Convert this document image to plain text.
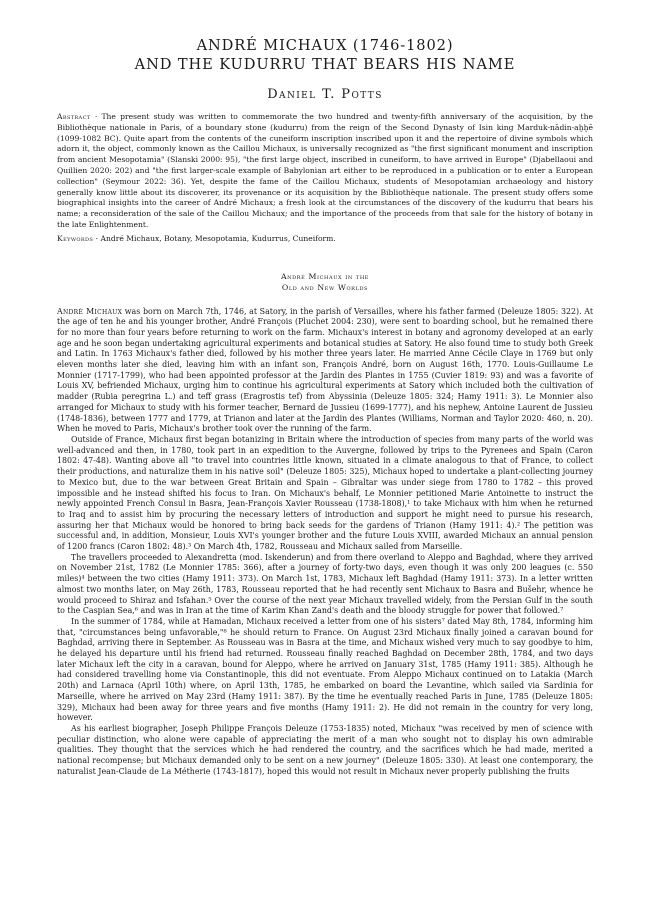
ANDRÉ MICHAUX (1746-1802)
AND THE KUDURRU THAT BEARS HIS NAME
Daniel T. Potts

Abstract · The present study was written to commemorate the two hundred and twenty-fifth anniversary of the acquisition, by the Bibliothèque nationale in Paris, of a boundary stone (kudurru) from the reign of the Second Dynasty of Isin king Marduk-nādin-aḫḫē (1099-1082 BC). Quite apart from the contents of the cuneiform inscription inscribed upon it and the repertoire of divine symbols which adorn it, the object, commonly known as the Caillou Michaux, is universally recognized as "the first significant monument and inscription from ancient Mesopotamia" (Slanski 2000: 95), "the first large object, inscribed in cuneiform, to have arrived in Europe" (Djabellaoui and Quillien 2020: 202) and "the first larger-scale example of Babylonian art either to be reproduced in a publication or to enter a European collection" (Seymour 2022: 36). Yet, despite the fame of the Caillou Michaux, students of Mesopotamian archaeology and history generally know little about its discoverer, its provenance or its acquisition by the Bibliothèque nationale. The present study offers some biographical insights into the career of André Michaux; a fresh look at the circumstances of the discovery of the kudurru that bears his name; a reconsideration of the sale of the Caillou Michaux; and the importance of the proceeds from that sale for the history of botany in the late Enlightenment.

Keywords · André Michaux, Botany, Mesopotamia, Kudurrus, Cuneiform.

André Michaux in the
Old and New Worlds

André Michaux was born on March 7th, 1746, at Satory, in the parish of Versailles, where his father farmed (Deleuze 1805: 322). At the age of ten he and his younger brother, André François (Pluchet 2004: 230), were sent to boarding school, but he remained there for no more than four years before returning to work on the farm. Michaux's interest in botany and agronomy developed at an early age and he soon began undertaking agricultural experiments and botanical studies at Satory. He also found time to study both Greek and Latin. In 1763 Michaux's father died, followed by his mother three years later. He married Anne Cécile Claye in 1769 but only eleven months later she died, leaving him with an infant son, François André, born on August 16th, 1770. Louis-Guillaume Le Monnier (1717-1799), who had been appointed professor at the Jardin des Plantes in 1755 (Cuvier 1819: 93) and was a favorite of Louis XV, befriended Michaux, urging him to continue his agricultural experiments at Satory which included both the cultivation of madder (Rubia peregrina L.) and teff grass (Eragrostis tef) from Abyssinia (Deleuze 1805: 324; Hamy 1911: 3). Le Monnier also arranged for Michaux to study with his former teacher, Bernard de Jussieu (1699-1777), and his nephew, Antoine Laurent de Jussieu (1748-1836), between 1777 and 1779, at Trianon and later at the Jardin des Plantes (Williams, Norman and Taylor 2020: 460, n. 20). When he moved to Paris, Michaux's brother took over the running of the farm.

Outside of France, Michaux first began botanizing in Britain where the introduction of species from many parts of the world was well-advanced and then, in 1780, took part in an expedition to the Auvergne, followed by trips to the Pyrenees and Spain (Caron 1802: 47-48). Wanting above all "to travel into countries little known, situated in a climate analogous to that of France, to collect their productions, and naturalize them in his native soil" (Deleuze 1805: 325), Michaux hoped to undertake a plant-collecting journey to Mexico but, due to the war between Great Britain and Spain – Gibraltar was under siege from 1780 to 1782 – this proved impossible and he instead shifted his focus to Iran. On Michaux's behalf, Le Monnier petitioned Marie Antoinette to instruct the newly appointed French Consul in Basra, Jean-François Xavier Rousseau (1738-1808),¹ to take Michaux with him when he returned to Iraq and to assist him by procuring the necessary letters of introduction and support he might need to pursue his research, assuring her that Michaux would be honored to bring back seeds for the gardens of Trianon (Hamy 1911: 4).² The petition was successful and, in addition, Monsieur, Louis XVI's younger brother and the future Louis XVIII, awarded Michaux an annual pension of 1200 francs (Caron 1802: 48).³ On March 4th, 1782, Rousseau and Michaux sailed from Marseille.

The travellers proceeded to Alexandretta (mod. Iskenderun) and from there overland to Aleppo and Baghdad, where they arrived on November 21st, 1782 (Le Monnier 1785: 366), after a journey of forty-two days, even though it was only 200 leagues (c. 550 miles)⁴ between the two cities (Hamy 1911: 373). On March 1st, 1783, Michaux left Baghdad (Hamy 1911: 373). In a letter written almost two months later, on May 26th, 1783, Rousseau reported that he had recently sent Michaux to Basra and Bušehr, whence he would proceed to Shiraz and Isfahan.⁵ Over the course of the next year Michaux travelled widely, from the Persian Gulf in the south to the Caspian Sea,⁶ and was in Iran at the time of Karim Khan Zand's death and the bloody struggle for power that followed.⁷

In the summer of 1784, while at Hamadan, Michaux received a letter from one of his sisters⁷ dated May 8th, 1784, informing him that, "circumstances being unfavorable,"⁸ he should return to France. On August 23rd Michaux finally joined a caravan bound for Baghdad, arriving there in September. As Rousseau was in Basra at the time, and Michaux wished very much to say goodbye to him, he delayed his departure until his friend had returned. Rousseau finally reached Baghdad on December 28th, 1784, and two days later Michaux left the city in a caravan, bound for Aleppo, where he arrived on January 31st, 1785 (Hamy 1911: 385). Although he had considered travelling home via Constantinople, this did not eventuate. From Aleppo Michaux continued on to Latakia (March 20th) and Larnaca (April 10th) where, on April 13th, 1785, he embarked on board the Levantine, which sailed via Sardinia for Marseille, where he arrived on May 23rd (Hamy 1911: 387). By the time he eventually reached Paris in June, 1785 (Deleuze 1805: 329), Michaux had been away for three years and five months (Hamy 1911: 2). He did not remain in the country for very long, however.

As his earliest biographer, Joseph Philippe François Deleuze (1753-1835) noted, Michaux "was received by men of science with peculiar distinction, who alone were capable of appreciating the merit of a man who sought not to display his own admirable qualities. They thought that the services which he had rendered the country, and the sacrifices which he had made, merited a national recompense; but Michaux demanded only to be sent on a new journey" (Deleuze 1805: 330). At least one contemporary, the naturalist Jean-Claude de La Métherie (1743-1817), hoped this would not result in Michaux never properly publishing the fruits
